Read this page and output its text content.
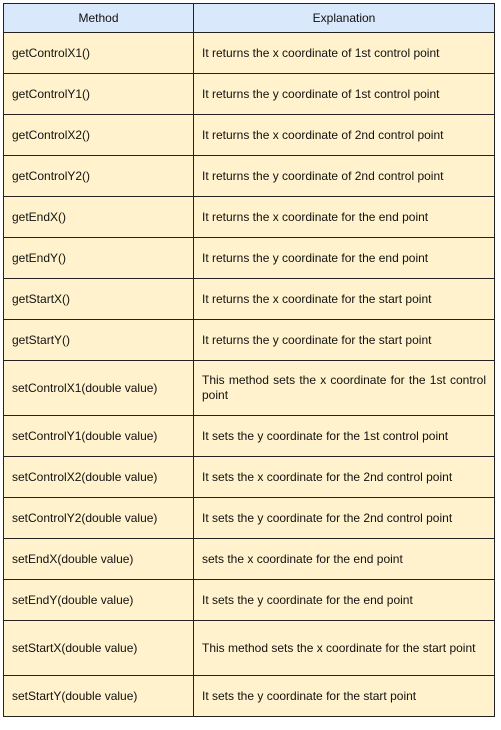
Method	Explanation
getControlX1()	It returns the x coordinate of 1st control point
getControlY1()	It returns the y coordinate of 1st control point
getControlX2()	It returns the x coordinate of 2nd control point
getControlY2()	It returns the y coordinate of 2nd control point
getEndX()	It returns the x coordinate for the end point
getEndY()	It returns the y coordinate for the end point
getStartX()	It returns the x coordinate for the start point
getStartY()	It returns the y coordinate for the start point
setControlX1(double value)	This method sets the x coordinate for the 1st control point
setControlY1(double value)	It sets the y coordinate for the 1st control point
setControlX2(double value)	It sets the x coordinate for the 2nd control point
setControlY2(double value)	It sets the y coordinate for the 2nd control point
setEndX(double value)	sets the x coordinate for the end point
setEndY(double value)	It sets the y coordinate for the end point
setStartX(double value)	This method sets the x coordinate for the start point
setStartY(double value)	It sets the y coordinate for the start point
